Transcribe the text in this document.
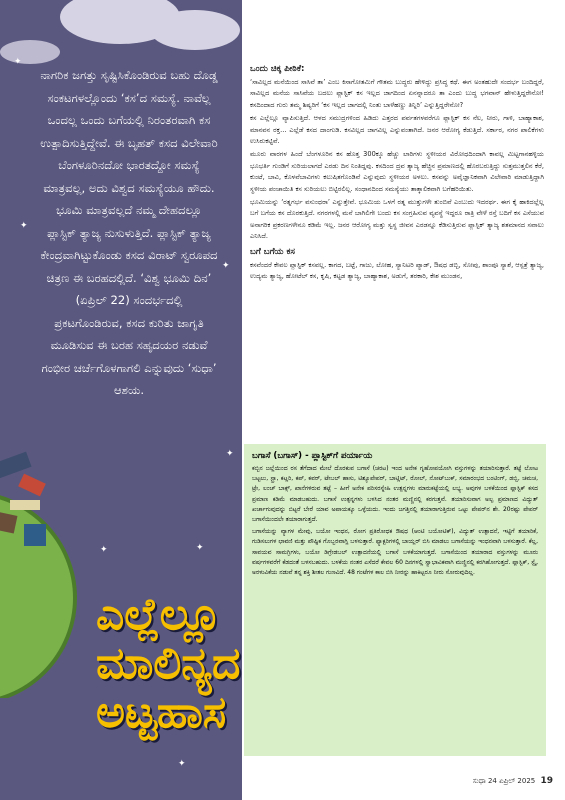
✦
✦
✦
✦
✦	✦
✦
ನಾಗರಿಕ ಜಗತ್ತು ಸೃಷ್ಟಿಸಿಕೊಂಡಿರುವ ಬಹು ದೊಡ್ಡ ಸಂಕಟಗಳಲ್ಲೊಂದು ‘ಕಸ’ದ ಸಮಸ್ಯೆ. ನಾವೆಲ್ಲ ಒಂದಲ್ಲ ಒಂದು ಬಗೆಯಲ್ಲಿ ನಿರಂತರವಾಗಿ ಕಸ ಉತ್ಪಾದಿಸುತ್ತಿದ್ದೇವೆ. ಈ ಬೃಹತ್ ಕಸದ ವಿಲೇವಾರಿ ಬೆಂಗಳೂರಿನದೋ ಭಾರತದ್ದೋ ಸಮಸ್ಯೆ ಮಾತ್ರವಲ್ಲ, ಅದು ವಿಶ್ವದ ಸಮಸ್ಯೆಯೂ ಹೌದು. ಭೂಮಿ ಮಾತ್ರವಲ್ಲದೆ ನಮ್ಮ ದೇಹದಲ್ಲೂ ಪ್ಲಾಸ್ಟಿಕ್ ತ್ಯಾಜ್ಯ ನುಸುಳುತ್ತಿದೆ. ಪ್ಲಾಸ್ಟಿಕ್ ತ್ಯಾಜ್ಯ ಕೇಂದ್ರವಾಗಿಟ್ಟುಕೊಂಡು ಕಸದ ವಿರಾಟ್ ಸ್ವರೂಪದ ಚಿತ್ರಣ ಈ ಬರಹದಲ್ಲಿದೆ. ‘ವಿಶ್ವ ಭೂಮಿ ದಿನ’ (ಏಪ್ರಿಲ್ 22) ಸಂದರ್ಭದಲ್ಲಿ ಪ್ರಕಟಗೊಂಡಿರುವ, ಕಸದ ಕುರಿತು ಜಾಗೃತಿ ಮೂಡಿಸುವ ಈ ಬರಹ ಸಹೃದಯರ ನಡುವೆ ಗಂಭೀರ ಚರ್ಚೆಗೊಳಗಾಗಲಿ ಎನ್ನುವುದು ‘ಸುಧಾ’ ಆಶಯ.
ಎಲ್ಲೆಲ್ಲೂ
ಮಾಲಿನ್ಯದ
ಅಟ್ಟಹಾಸ
ಒಂದು ಚಿಕ್ಕ ಪೀಠಿಕೆ:
‘ಸಾವಿಲ್ಲದ ಮನೆಯಿಂದ ಸಾಸಿವೆ ತಾ’ ಎಂಬ ಕಿಸಾಗೋತಮಿಗೆ ಗೌತಮ ಬುದ್ಧರು ಹೇಳಿದ್ದು ಪ್ರಸಿದ್ಧ ಕಥೆ. ಈಗ ಅಂತಹುದೇ ಸಂದರ್ಭ ಬಂದಿದ್ದರೆ, ಸಾವಿಲ್ಲದ ಮನೆಯ ಸಾಸಿವೆಯ ಬದಲು ಪ್ಲಾಸ್ಟಿಕ್ ಕಸ ಇಲ್ಲದ ಜಾಗದಿಂದ ಏನನ್ನಾದರೂ ತಾ ಎಂದು ಬುದ್ಧ ಭಗವಾನ್ ಹೇಳುತ್ತಿದ್ದರೇನೋ! ಕಸದಿಂದಾದ ಗುರು ತಮ್ಮ ಶಿಷ್ಯರಿಗೆ ‘ಕಸ ಇಲ್ಲದ ಜಾಗದಲ್ಲಿ ನಿಂತು ಬಾಳೆಹಣ್ಣು ತಿನ್ನಿರಿ’ ಎನ್ನುತ್ತಿದ್ದರೇನೋ?
ಕಸ ಎಲ್ಲೆಲ್ಲೂ ವ್ಯಾಪಿಸುತ್ತಿದೆ. ಆಳದ ಸಮುದ್ರಗಳಿಂದ ಹಿಡಿದು ಎತ್ತರದ ಪರ್ವತಗಳವರೆಗೂ ಪ್ಲಾಸ್ಟಿಕ್ ಕಸ ನೆಲ, ನೀರು, ಗಾಳಿ, ಬಾಹ್ಯಾಕಾಶ, ಮಾನವನ ರಕ್ತ... ಎಲ್ಲೆಡೆ ಕಸದ ದಾಂಗುಡಿ. ಕಸವಿಲ್ಲದ ಜಾಗವಿಲ್ಲ ಎನ್ನುವಂತಾಗಿದೆ. ಜನರ ಆರೋಗ್ಯ ಕೆಡುತ್ತಿದೆ. ಸರ್ಕಾರ, ನಗರ ಪಾಲಿಕೆಗಳು ಉಸಿರುಕಟ್ಟಿವೆ.
ಮೂರು ವಾರಗಳ ಹಿಂದೆ ಬೆಂಗಳೂರಿನ ಕಸ ಹೊತ್ತ 300ಕ್ಕೂ ಹೆಚ್ಚು ಲಾರಿಗಳು ಸ್ಥಳೀಯರ ವಿರೋಧದಿಂದಾಗಿ ಕಾವಲ್ಲ ಮಿಟ್ಟಗಾನಹಳ್ಳಿಯ ಭೂಭರ್ತಿ ಗುಂಡಿಗೆ ಸುರಿಯಲಾಗದೆ ಎರಡು ದಿನ ನಿಂತಿದ್ದವು. ಕಸದಿಂದ ದ್ರವ ತ್ಯಾಜ್ಯ ಹೆಚ್ಚಿನ ಪ್ರಮಾಣದಲ್ಲಿ ಹೊರಬರುತ್ತಿದ್ದು ಸುತ್ತಮುತ್ತಲಿನ ಕೆರೆ, ಕುಂಟೆ, ಬಾವಿ, ಕೊಳವೆಬಾವಿಗಳು ಕಲುಷಿತಗೊಂಡಿವೆ ಎನ್ನುವುದು ಸ್ಥಳೀಯರ ಅಳಲು. ಕಸವನ್ನು ಅವೈಜ್ಞಾನಿಕವಾಗಿ ವಿಲೇವಾರಿ ಮಾಡುತ್ತಿದ್ದಾಗಿ ಸ್ಥಳೀಯ ಪಂಚಾಯಿತಿ ಕಸ ಸುರಿಯಲು ಬಿಟ್ಟಿರಲಿಲ್ಲ. ಸಂಧಾನದಿಂದ ಸಮಸ್ಯೆಯು ತಾತ್ಕಾಲಿಕವಾಗಿ ಬಗೆಹರಿಯಿತು.
ಭೂಮಿಯನ್ನು ‘ರತ್ನಗರ್ಭ ವಸುಂಧರಾ’ ಎನ್ನುತ್ತೇವೆ. ಭೂಮಿಯ ಒಳಗೆ ರತ್ನ ಮುತ್ತುಗಳೇ ತುಂಬಿವೆ ಎಂಬುದು ಇದರರ್ಥ. ಈಗ ಕೈ ಹಾಕಿದಲ್ಲೆಲ್ಲ ಬಗೆ ಬಗೆಯ ಕಸ ದೊರಕುತ್ತಿದೆ. ನಗರಗಳಲ್ಲಿ ಮನೆ ಬಾಗಿಲಿಗೇ ಬಂದು ಕಸ ಸಂಗ್ರಹಿಸುವ ವ್ಯವಸ್ಥೆ ಇದ್ದರೂ ರಾತ್ರಿ ವೇಳೆ ರಸ್ತೆ ಬದಿಗೆ ಕಸ ಎಸೆಯುವ ಅನಾಗರಿಕ ಪ್ರಕರಣಗಳೇನೂ ಕಡಿಮೆ ಇಲ್ಲ. ಜನರ ಆರೋಗ್ಯ ಮತ್ತು ಸ್ವಸ್ಥ ಜೀವನ ಎರಡನ್ನೂ ಕೆಡಿಸುತ್ತಿರುವ ಪ್ಲಾಸ್ಟಿಕ್ ತ್ಯಾಜ್ಯ ಶತಮಾನದ ಸವಾಲು ಎನಿಸಿದೆ.
ಬಗೆ ಬಗೆಯ ಕಸ
ಕಸವೆಂದರೆ ಕೇವಲ ಪ್ಲಾಸ್ಟಿಕ್ ಕಸವಲ್ಲ. ಕಾಗದ, ಬಟ್ಟೆ, ಗಾಜು, ಲೋಹ, ಸ್ಯಾನಿಟರಿ ಪ್ಯಾಡ್, ಔಷಧ ಡಬ್ಬಿ, ಸೋಪು, ಶಾಂಪೂ ಸ್ಯಾಶೆ, ಆಸ್ಪತ್ರೆ ತ್ಯಾಜ್ಯ, ಉದ್ಯಮ ತ್ಯಾಜ್ಯ, ಹೋಟೆಲ್ ಕಸ, ಕೃಷಿ, ಕಟ್ಟಡ ತ್ಯಾಜ್ಯ, ಬಾಹ್ಯಾಕಾಶ, ಅಡುಗೆ, ತರಕಾರಿ, ಕೇಶ ಮುಂಡನ,
ಬಗಾಸೆ (ಬಗಾಸ್) - ಪ್ಲಾಸ್ಟಿಕ್‌ಗೆ ಪರ್ಯಾಯ
ಕಬ್ಬಿನ ಜಲ್ಲೆಯಿಂದ ರಸ ತೆಗೆದಾದ ಮೇಲೆ ದೊರಕುವ ಬಗಾಸೆ (ಚರಟ) ಇಂದ ಅನೇಕ ಗೃಹೋಪಯೋಗಿ ವಸ್ತುಗಳನ್ನು ತಯಾರಿಸುತ್ತಾರೆ. ತಟ್ಟೆ ಲೋಟ ಬಟ್ಟಲು, ಸ್ಟ್ರಾ, ಕಟ್ಲರಿ, ಕಪ್, ಕವರ್, ಟೇಬಲ್ ಹಾಸು, ಟಿಶ್ಯೂಪೇಪರ್, ಬಾಟ್ಲಿಟ್, ರೋಲ್, ನೋಟ್‌ಬುಕ್, ಸಮಾರಂಭದ ಬಂಟಿಂಗ್, ಡಬ್ಬಿ, ಚಮಚ, ಟ್ರೇ, ಲಂಚ್ ಬಾಕ್ಸ್, ಖಾನೆಗಳಿರುವ ತಟ್ಟೆ – ಹೀಗೆ ಅನೇಕ ಪರಿಸರಸ್ನೇಹಿ ಉತ್ಪನ್ನಗಳು ಮಾರುಕಟ್ಟೆಯಲ್ಲಿ ಲಭ್ಯ. ಅವುಗಳ ಬಳಕೆಯಿಂದ ಪ್ಲಾಸ್ಟಿಕ್ ಕಸದ ಪ್ರಮಾಣ ಕಡಿಮೆ ಮಾಡಬಹುದು. ಬಗಾಸೆ ಉತ್ಪನ್ನಗಳು ಬಳಸಿದ ನಂತರ ಮಣ್ಣಿನಲ್ಲಿ ಕರಗುತ್ತವೆ. ತಯಾರಿಸುವಾಗ ಅಲ್ಪ ಪ್ರಮಾಣದ ವಿದ್ಯುತ್ ಖರ್ಚಾಗುವುದನ್ನು ಬಿಟ್ಟರೆ ಬೇರೆ ಯಾವ ಅಪಾಯಕ್ಕೂ ಒಳ್ಳೆಯದು. ಇಂದು ಜಗತ್ತಿನಲ್ಲಿ ತಯಾರಾಗುತ್ತಿರುವ ಒಟ್ಟು ಪೇಪರ್‌ನ ಶೇ. 20ರಷ್ಟು ಪೇಪರ್ ಬಗಾಸೆಯಿಂದಲೇ ತಯಾರಾಗುತ್ತದೆ.
ಬಗಾಸೆಯನ್ನು ವ್ಯಾಗಳ ಮೇವು, ಬಯೋ ಇಂಧನ, ರೋಗ ಪ್ರತಿರೋಧಕ ಔಷಧ (ಆಂಟಿ ಬಯೋಟಿಕ್), ವಿದ್ಯುತ್ ಉತ್ಪಾದನೆ, ಇಟ್ಟಿಗೆ ತಯಾರಿಕೆ, ಗುಡಿಸಲುಗಳ ಛಾವಣಿ ಮತ್ತು ಪೌಷ್ಟಿಕ ಗೊಬ್ಬರವಾಗ್ಲಿ ಬಳಸುತ್ತಾರೆ. ಫ್ಯಾಕ್ಟರಿಗಳಲ್ಲಿ ಬಾಯ್ಲರ್ ಬಿಸಿ ಮಾಡಲು ಬಗಾಸೆಯನ್ನು ಇಂಧನವಾಗಿ ಬಳಸುತ್ತಾರೆ. ಕೆಲ್ಲ, ಸಾವಯವ ಸಾಮಗ್ರಿಗಳು, ಬಯೋ ಡಿಗ್ರೇಡಬಲ್ ಉತ್ಪಾದನೆಯಲ್ಲಿ ಬಗಾಸೆ ಬಳಕೆಯಾಗುತ್ತದೆ. ಬಗಾಸೆಯಿಂದ ತಯಾರಾದ ವಸ್ತುಗಳನ್ನು ಮೂರು ವರ್ಷಗಳವರೆಗೆ ಕೆಡದಂತೆ ಬಳಸಬಹುದು. ಬಳಕೆಯ ನಂತರ ಎಸೆದರೆ ಕೇವಲ 60 ದಿನಗಳಲ್ಲಿ ಸ್ವಾಭಾವಿಕವಾಗಿ ಮಣ್ಣಿನಲ್ಲಿ ಕರಗಿಹೋಗುತ್ತದೆ. ಪ್ಲಾಸ್ಟಿಕ್, ಸ್ಟೈ, ಅರಳುವಿಕೆಯ ನಡುವೆ ತನ್ನ ಶಕ್ತಿ ಶೀತಲ ಗುಣವಿದೆ. 48 ಗಂಟೆಗಳ ಕಾಲ ಬಿಸಿ ನೀರನ್ನು ಹಾಕಿಟ್ಟರೂ ನೀರು ಸೋರುವುದಿಲ್ಲ.
ಸುಧಾ 24 ಏಪ್ರಿಲ್ 2025 19
